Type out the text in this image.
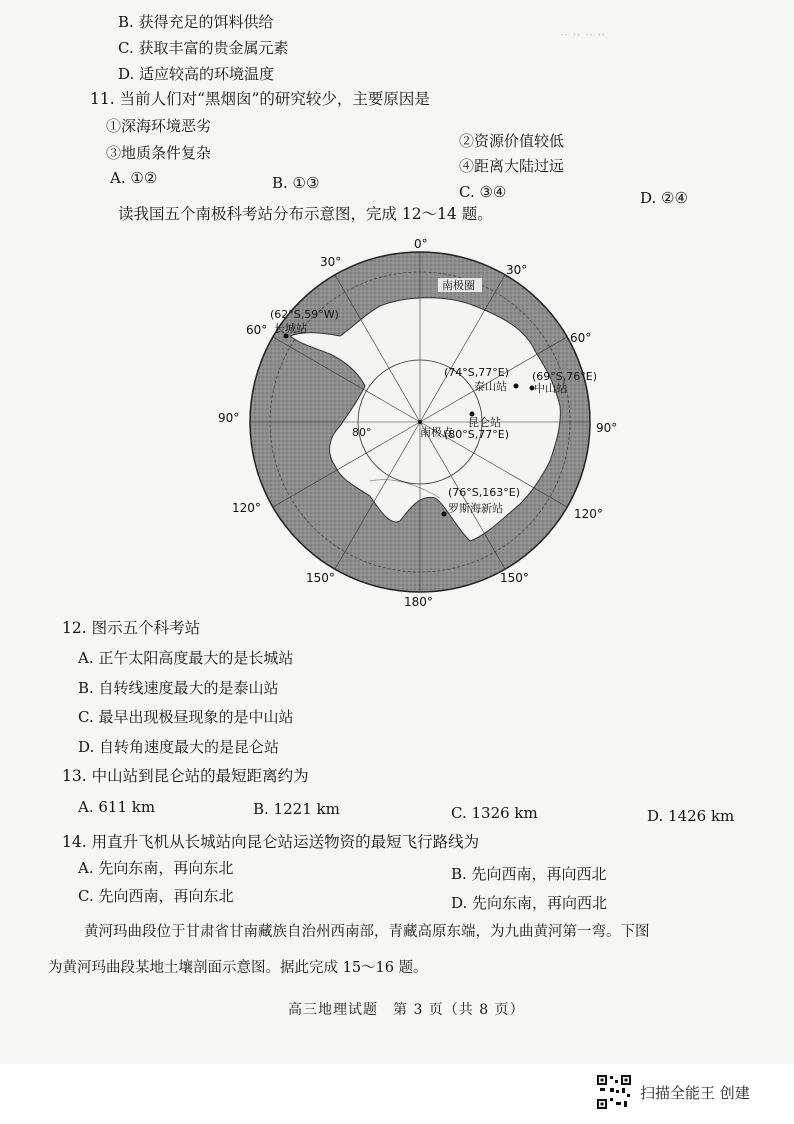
·· ·· ·· ··
B. 获得充足的饵料供给
C. 获取丰富的贵金属元素
D. 适应较高的环境温度
11. 当前人们对“黑烟囱”的研究较少，主要原因是
①深海环境恶劣
②资源价值较低
③地质条件复杂
④距离大陆过远
A. ①②	B. ①③	C. ③④	D. ②④
读我国五个南极科考站分布示意图，完成 12～14 题。
0°
30°
30°
60°
60°
90°
90°
120°	120°
150°	150°
180°
80°
南极圈
南极点
(62°S,59°W)
长城站
(74°S,77°E)
泰山站
(69°S,76°E)
中山站
昆仑站
(80°S,77°E)
(76°S,163°E)
罗斯海新站
12. 图示五个科考站
A. 正午太阳高度最大的是长城站
B. 自转线速度最大的是泰山站
C. 最早出现极昼现象的是中山站
D. 自转角速度最大的是昆仑站
13. 中山站到昆仑站的最短距离约为
A. 611 km	B. 1221 km	C. 1326 km	D. 1426 km
14. 用直升飞机从长城站向昆仑站运送物资的最短飞行路线为
A. 先向东南，再向东北	B. 先向西南，再向西北
C. 先向西南，再向东北	D. 先向东南，再向西北
黄河玛曲段位于甘肃省甘南藏族自治州西南部，青藏高原东端，为九曲黄河第一弯。下图
为黄河玛曲段某地土壤剖面示意图。据此完成 15～16 题。
高三地理试题　第 3 页（共 8 页）
扫描全能王 创建
